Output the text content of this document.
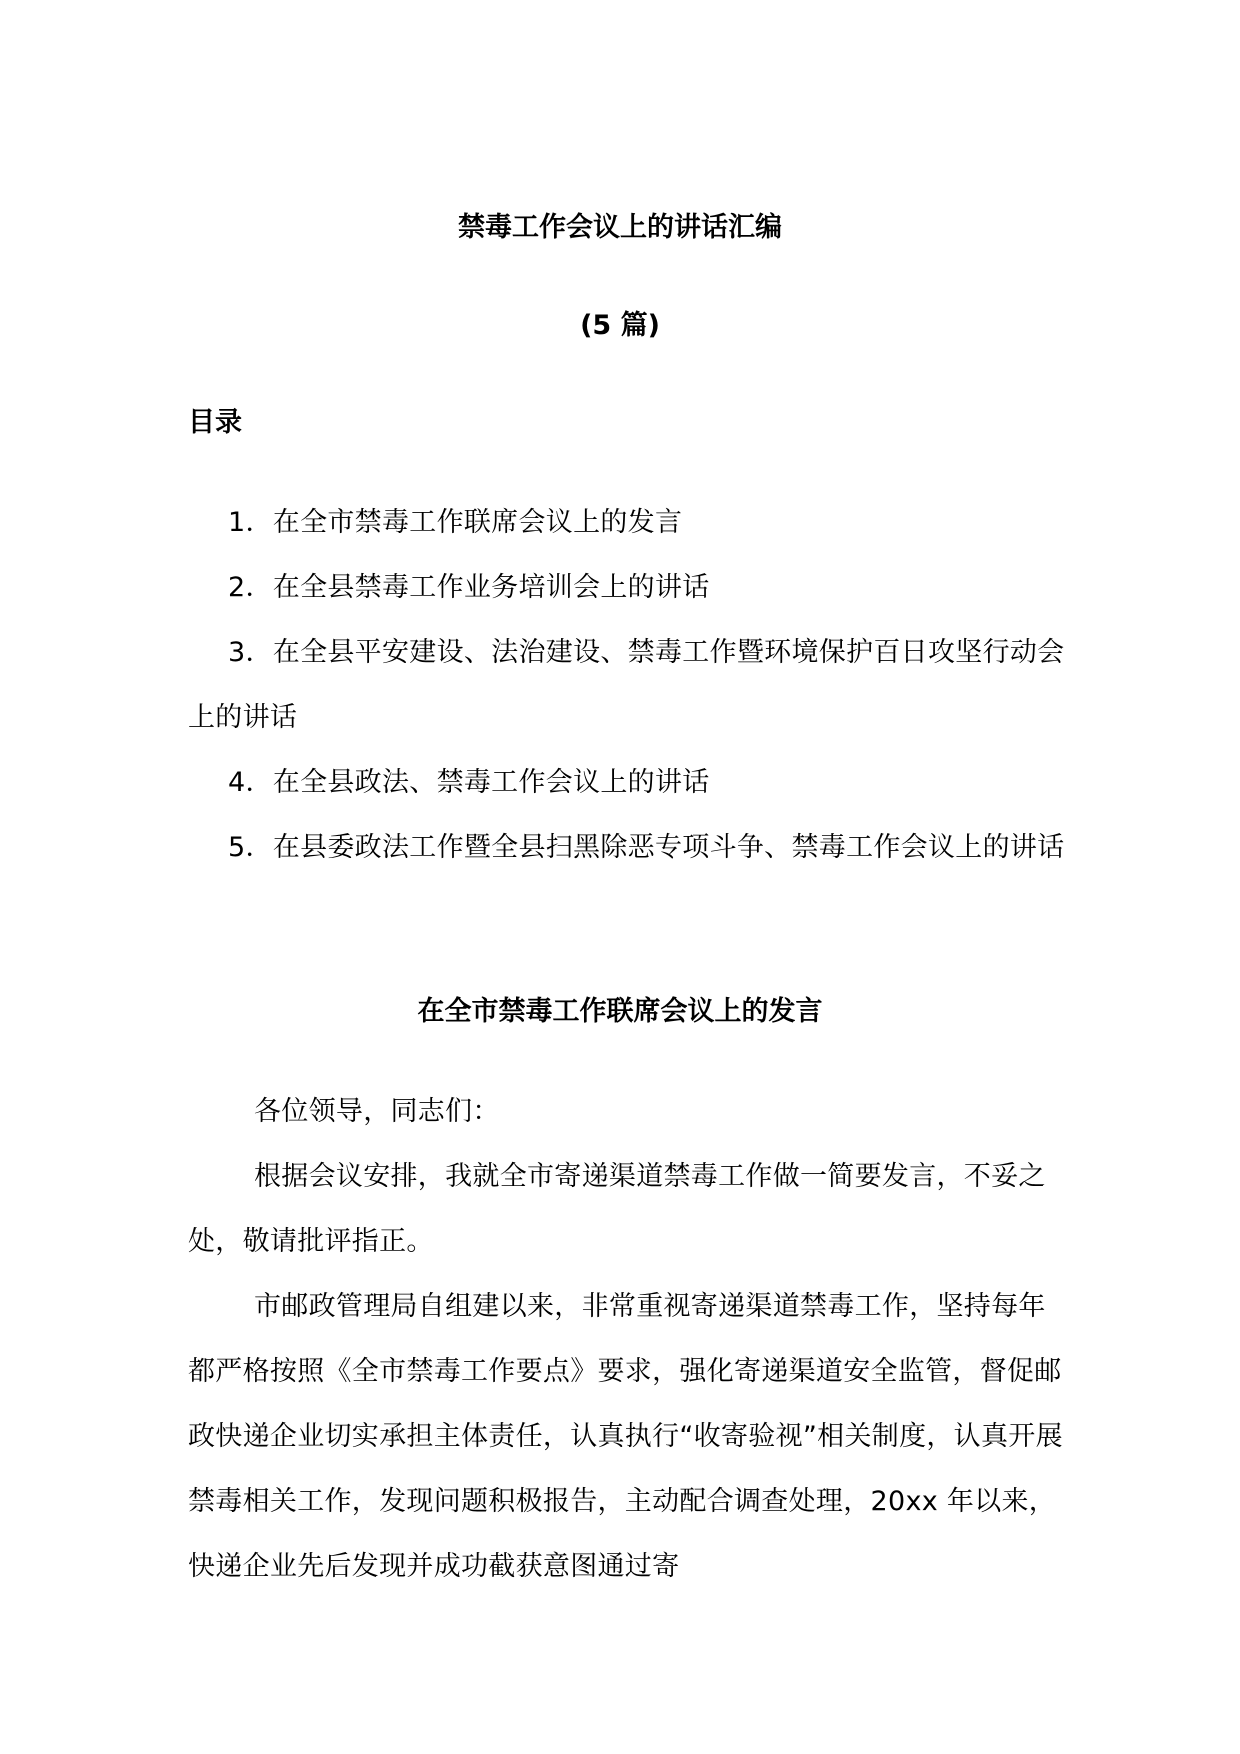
禁毒工作会议上的讲话汇编
(5 篇)
目录

1．在全市禁毒工作联席会议上的发言

2．在全县禁毒工作业务培训会上的讲话

3．在全县平安建设、法治建设、禁毒工作暨环境保护百日攻坚行动会上的讲话

4．在全县政法、禁毒工作会议上的讲话

5．在县委政法工作暨全县扫黑除恶专项斗争、禁毒工作会议上的讲话

在全市禁毒工作联席会议上的发言

各位领导，同志们：

根据会议安排，我就全市寄递渠道禁毒工作做一简要发言，不妥之处，敬请批评指正。

市邮政管理局自组建以来，非常重视寄递渠道禁毒工作，坚持每年都严格按照《全市禁毒工作要点》要求，强化寄递渠道安全监管，督促邮政快递企业切实承担主体责任，认真执行“收寄验视”相关制度，认真开展禁毒相关工作，发现问题积极报告，主动配合调查处理，20xx 年以来，快递企业先后发现并成功截获意图通过寄
